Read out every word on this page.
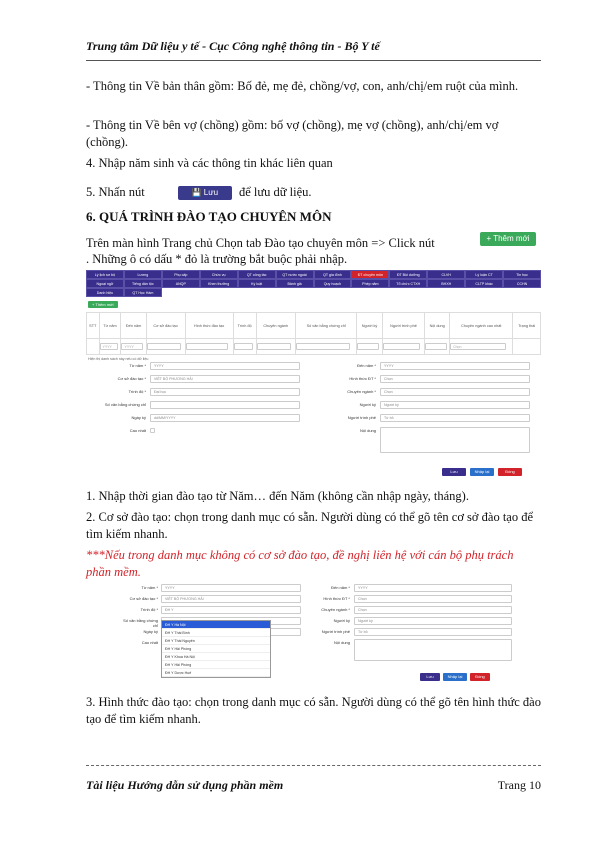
Trung tâm Dữ liệu y tế - Cục Công nghệ thông tin - Bộ Y tế
- Thông tin Về bản thân gồm: Bố đẻ, mẹ đẻ, chồng/vợ, con, anh/chị/em ruột của mình.
- Thông tin Về bên vợ (chồng) gồm: bố vợ (chồng), mẹ vợ (chồng), anh/chị/em vợ (chồng).
4. Nhập năm sinh và các thông tin khác liên quan
5. Nhấn nút	💾 Lưu để lưu dữ liệu.
6. QUÁ TRÌNH ĐÀO TẠO CHUYÊN MÔN
Trên màn hình Trang chủ Chọn tab Đào tạo chuyên môn => Click nút	+ Thêm mới
. Những ô có dấu * đỏ là trường bắt buộc phải nhập.
Lý lịch sơ bộ	Lương	Phụ cấp	Chức vụ	QT công tác	QT nước ngoài	QT gia đình	ĐT chuyên môn	ĐT Bồi dưỡng	CLVH	Lý luận CT	Tin học
Ngoại ngữ	Tiếng dân tộc	ANQP	Khen thưởng	Kỷ luật	Bảnh giá	Quy hoạch	Phép năm	Tổ chức CTXH	BHXH	CLTP khác	CCHN
Danh hiệu	QT Học Hàm
+ Thêm mới
STT	Từ năm	Đến năm	Cơ sở đào tạo	Hình thức đào tạo	Trình độ	Chuyên ngành	Số văn bằng chứng chỉ	Người ký	Người trình phê	Nội dung	Chuyên ngành cao nhất	Trạng thái
	YYYY	YYYY									Chọn	
Hiện thị danh sách này nếu có dữ liệu
Từ năm *	YYYY
Cơ sở đào tạo *	VIỆT BỘ PHƯƠNG HẢI
Trình độ *	Đại học
Số văn bằng chứng chỉ
Ngày ký	dd/MM/YYYY
Cao nhất
Đến năm *	YYYY
Hình thức ĐT *	Chọn
Chuyên ngành *	Chọn
Người ký	Người ký
Người trình phê	Từ bỏ
Nội dung
Lưu	Nhập lại	Đóng
1. Nhập thời gian đào tạo từ Năm… đến Năm (không cần nhập ngày, tháng).
2. Cơ sở đào tạo: chọn trong danh mục có sẵn. Người dùng có thể gõ tên cơ sở đào tạo để tìm kiếm nhanh.
***Nếu trong danh mục không có cơ sở đào tạo, đề nghị liên hệ với cán bộ phụ trách phần mềm.
Từ năm *	YYYY
Cơ sở đào tạo *	VIỆT BỘ PHƯƠNG HẢI
Trình độ *	ĐH Y
Số văn bằng chứng chỉ
Ngày ký
Cao nhất
Đến năm *	YYYY
Hình thức ĐT *	Chọn
Chuyên ngành *	Chọn
Người ký	Người ký
Người trình phê	Từ bỏ
Nội dung
ĐH Y Hà Nội
ĐH Y Thái Bình
ĐH Y Thái Nguyên
ĐH Y Hải Phòng
ĐH Y Khoa Hà Nội
ĐH Y Hải Phòng
ĐH Y Dược Huế
Lưu	Nhập lại	Đóng
3. Hình thức đào tạo: chọn trong danh mục có sẵn. Người dùng có thể gõ tên hình thức đào tạo để tìm kiếm nhanh.
Tài liệu Hướng dẫn sử dụng phần mềm	Trang 10
